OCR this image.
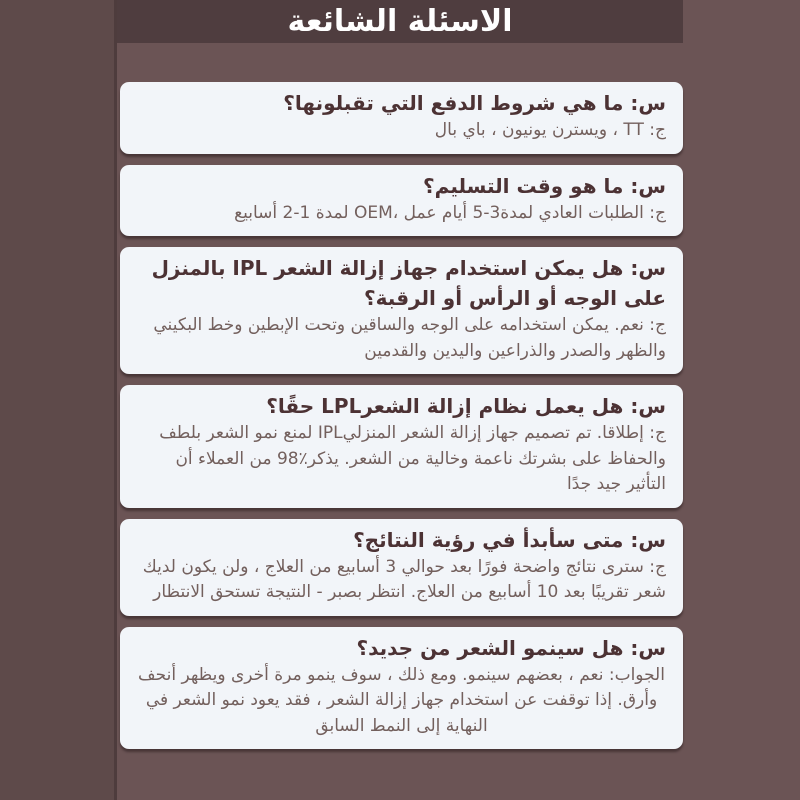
الاسئلة الشائعة
س: ما هي شروط الدفع التي تقبلونها؟
ج: TT ، ويسترن يونيون ، باي بال
س: ما هو وقت التسليم؟
ج: الطلبات العادي لمدة3-5 أيام عمل ،OEM لمدة 1-2 أسابيع
س: هل يمكن استخدام جهاز إزالة الشعر IPL بالمنزل على الوجه أو الرأس أو الرقبة؟
ج: نعم. يمكن استخدامه على الوجه والساقين وتحت الإبطين وخط البكيني والظهر والصدر والذراعين واليدين والقدمين
س: هل يعمل نظام إزالة الشعرLPL حقًا؟
ج: إطلاقا. تم تصميم جهاز إزالة الشعر المنزليIPL لمنع نمو الشعر بلطف والحفاظ على بشرتك ناعمة وخالية من الشعر. يذكر٪98 من العملاء أن التأثير جيد جدًا
س: متى سأبدأ في رؤية النتائج؟
ج: سترى نتائج واضحة فورًا بعد حوالي 3 أسابيع من العلاج ، ولن يكون لديك شعر تقريبًا بعد 10 أسابيع من العلاج. انتظر بصبر - النتيجة تستحق الانتظار
س: هل سينمو الشعر من جديد؟
الجواب: نعم ، بعضهم سينمو. ومع ذلك ، سوف ينمو مرة أخرى ويظهر أنحف وأرق. إذا توقفت عن استخدام جهاز إزالة الشعر ، فقد يعود نمو الشعر في النهاية إلى النمط السابق
